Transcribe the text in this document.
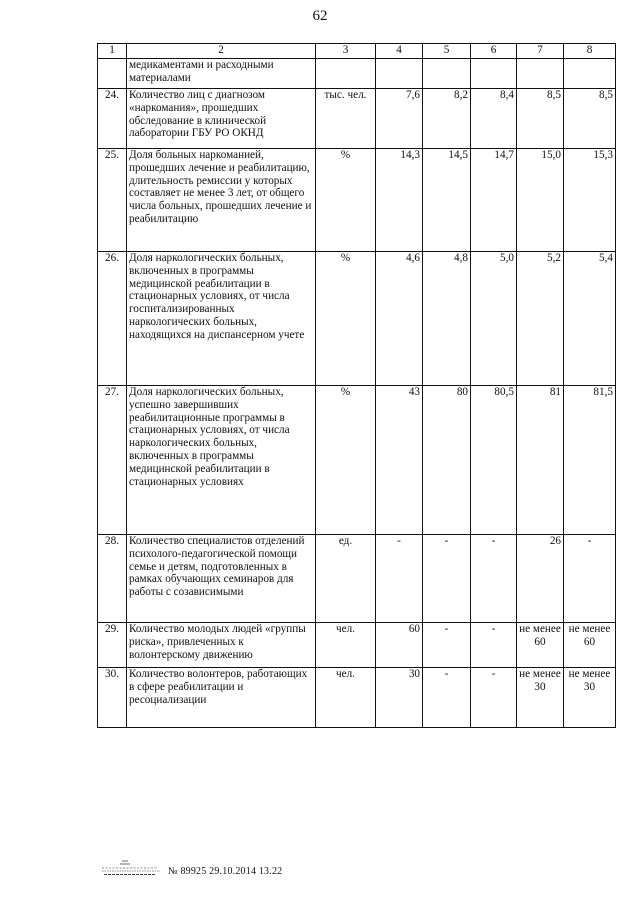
62
1	2	3	4	5	6	7	8
	медикаментами и расходными материалами						
24.	Количество лиц с диагнозом «наркомания», прошедших обследование в клинической лаборатории ГБУ РО ОКНД	тыс. чел.	7,6	8,2	8,4	8,5	8,5
25.	Доля больных наркоманией, прошедших лечение и реабилитацию, длительность ремиссии у которых составляет не менее 3 лет, от общего числа больных, прошедших лечение и реабилитацию	%	14,3	14,5	14,7	15,0	15,3
26.	Доля наркологических больных, включенных в программы медицинской реабилитации в стационарных условиях, от числа госпитализированных наркологических больных, находящихся на диспансерном учете	%	4,6	4,8	5,0	5,2	5,4
27.	Доля наркологических больных, успешно завершивших реабилитационные программы в стационарных условиях, от числа наркологических больных, включенных в программы медицинской реабилитации в стационарных условиях	%	43	80	80,5	81	81,5
28.	Количество специалистов отделений психолого-педагогической помощи семье и детям, подготовленных в рамках обучающих семинаров для работы с созависимыми	ед.	-	-	-	26	-
29.	Количество молодых людей «группы риска», привлеченных к волонтерскому движению	чел.	60	-	-	не менее 60	не менее 60
30.	Количество волонтеров, работающих в сфере реабилитации и ресоциализации	чел.	30	-	-	не менее 30	не менее 30
№ 89925 29.10.2014 13.22
